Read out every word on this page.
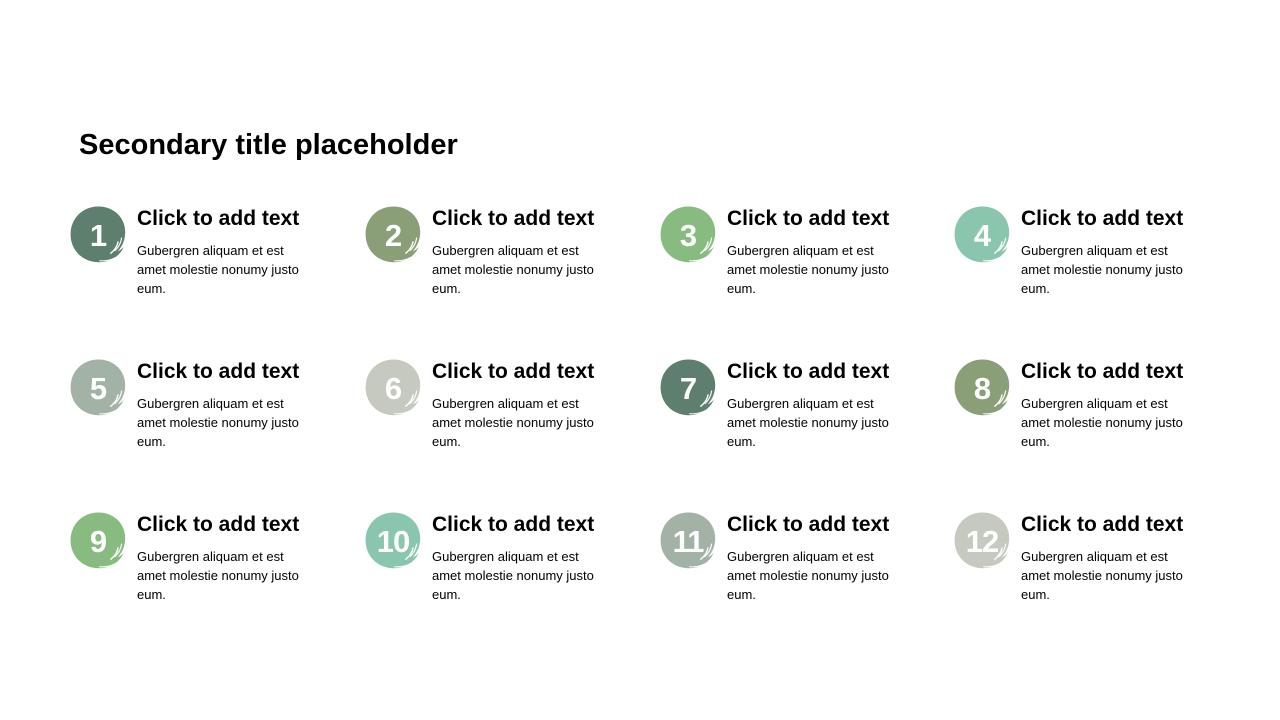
Secondary title placeholder
1	Click to add text

Gubergren aliquam et est amet molestie nonumy justo eum.

2	Click to add text

Gubergren aliquam et est amet molestie nonumy justo eum.

3	Click to add text

Gubergren aliquam et est amet molestie nonumy justo eum.

4	Click to add text

Gubergren aliquam et est amet molestie nonumy justo eum.

5	Click to add text

Gubergren aliquam et est amet molestie nonumy justo eum.

6	Click to add text

Gubergren aliquam et est amet molestie nonumy justo eum.

7	Click to add text

Gubergren aliquam et est amet molestie nonumy justo eum.

8	Click to add text

Gubergren aliquam et est amet molestie nonumy justo eum.

9	Click to add text

Gubergren aliquam et est amet molestie nonumy justo eum.

10	Click to add text

Gubergren aliquam et est amet molestie nonumy justo eum.

11	Click to add text

Gubergren aliquam et est amet molestie nonumy justo eum.

12	Click to add text

Gubergren aliquam et est amet molestie nonumy justo eum.
